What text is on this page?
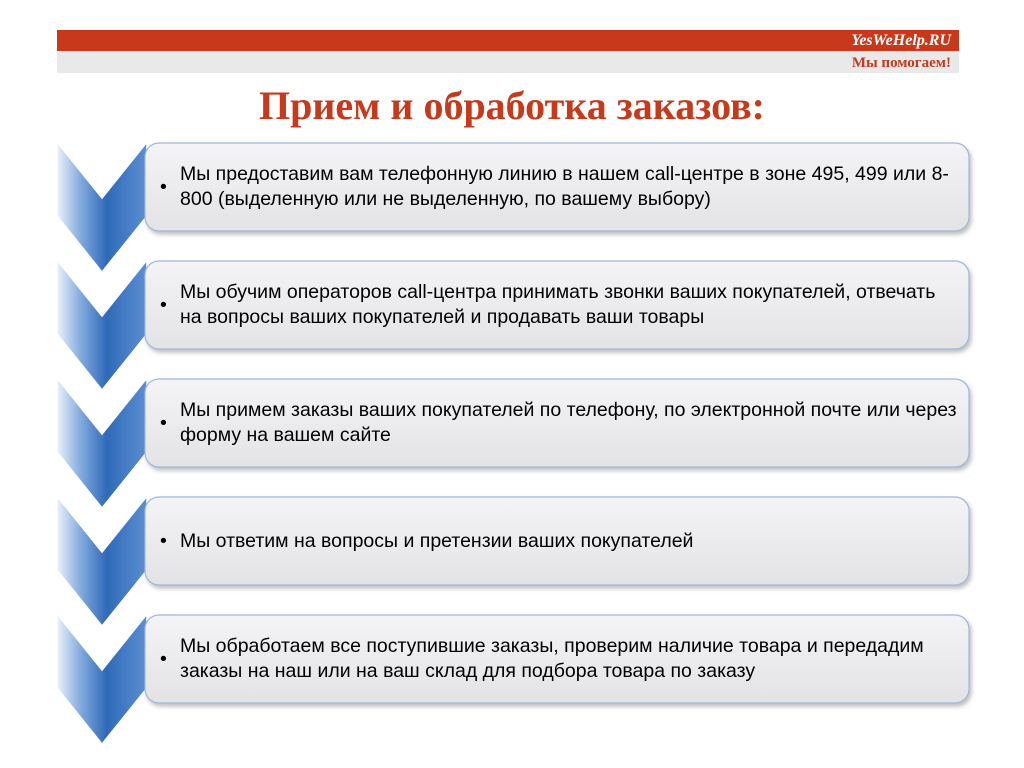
YesWeHelp.RU
Мы помогаем!
Прием и обработка заказов:
•
Мы предоставим вам телефонную линию в нашем call-центре в зоне 495, 499 или 8-800 (выделенную или не выделенную, по вашему выбору)
•
Мы обучим операторов call-центра принимать звонки ваших покупателей, отвечать на вопросы ваших покупателей и продавать ваши товары
•
Мы примем заказы ваших покупателей по телефону, по электронной почте или через форму на вашем сайте
• Мы ответим на вопросы и претензии ваших покупателей
•
Мы обработаем все поступившие заказы, проверим наличие товара и передадим заказы на наш или на ваш склад для подбора товара по заказу
